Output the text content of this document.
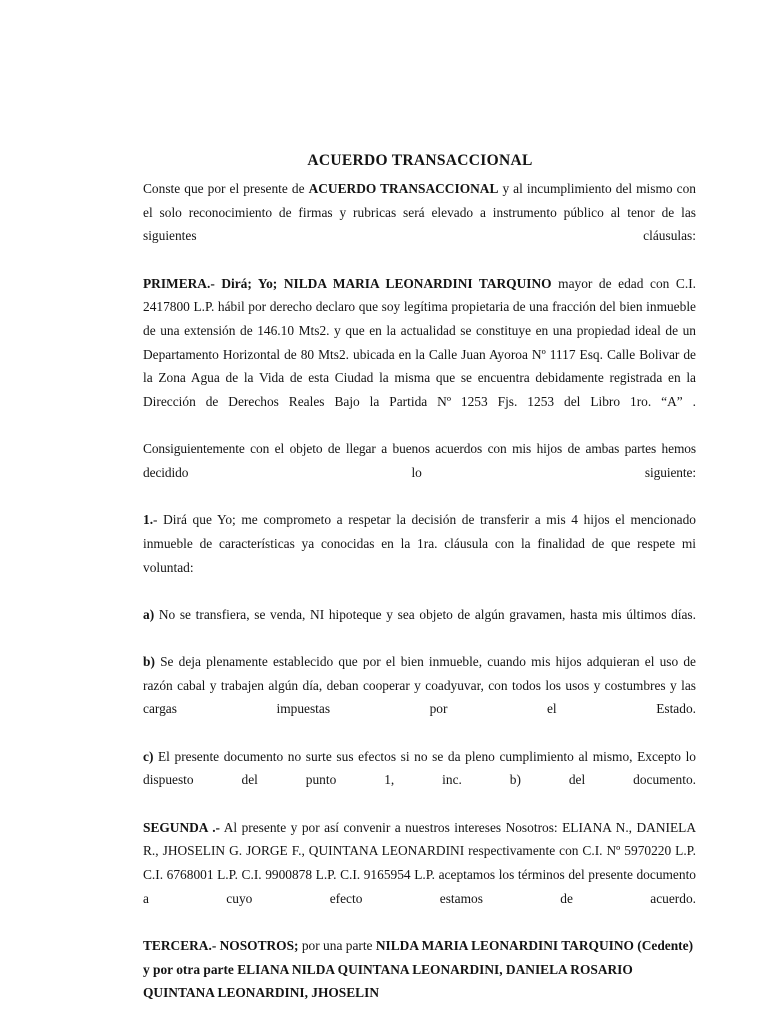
ACUERDO TRANSACCIONAL

Conste que por el presente de ACUERDO TRANSACCIONAL y al incumplimiento del mismo con el solo reconocimiento de firmas y rubricas será elevado a instrumento público al tenor de las siguientes cláusulas:

PRIMERA.- Dirá; Yo; NILDA MARIA LEONARDINI TARQUINO mayor de edad con C.I. 2417800 L.P. hábil por derecho declaro que soy legítima propietaria de una fracción del bien inmueble de una extensión de 146.10 Mts2. y que en la actualidad se constituye en una propiedad ideal de un Departamento Horizontal de 80 Mts2. ubicada en la Calle Juan Ayoroa Nº 1117 Esq. Calle Bolivar de la Zona Agua de la Vida de esta Ciudad la misma que se encuentra debidamente registrada en la Dirección de Derechos Reales Bajo la Partida Nº 1253 Fjs. 1253 del Libro 1ro. “A” .

Consiguientemente con el objeto de llegar a buenos acuerdos con mis hijos de ambas partes hemos decidido lo siguiente:

1.- Dirá que Yo; me comprometo a respetar la decisión de transferir a mis 4 hijos el mencionado inmueble de características ya conocidas en la 1ra. cláusula con la finalidad de que respete mi voluntad:

a) No se transfiera, se venda, NI hipoteque y sea objeto de algún gravamen, hasta mis últimos días.

b) Se deja plenamente establecido que por el bien inmueble, cuando mis hijos adquieran el uso de razón cabal y trabajen algún día, deban cooperar y coadyuvar, con todos los usos y costumbres y las cargas impuestas por el Estado.

c) El presente documento no surte sus efectos si no se da pleno cumplimiento al mismo, Excepto lo dispuesto del punto 1, inc. b) del documento.

SEGUNDA .- Al presente y por así convenir a nuestros intereses Nosotros: ELIANA N., DANIELA R., JHOSELIN G. JORGE F., QUINTANA LEONARDINI respectivamente con C.I. Nº 5970220 L.P. C.I. 6768001 L.P. C.I. 9900878 L.P. C.I. 9165954 L.P. aceptamos los términos del presente documento a cuyo efecto estamos de acuerdo.

TERCERA.- NOSOTROS; por una parte NILDA MARIA LEONARDINI TARQUINO (Cedente) y por otra parte ELIANA NILDA QUINTANA LEONARDINI, DANIELA ROSARIO QUINTANA LEONARDINI, JHOSELIN
